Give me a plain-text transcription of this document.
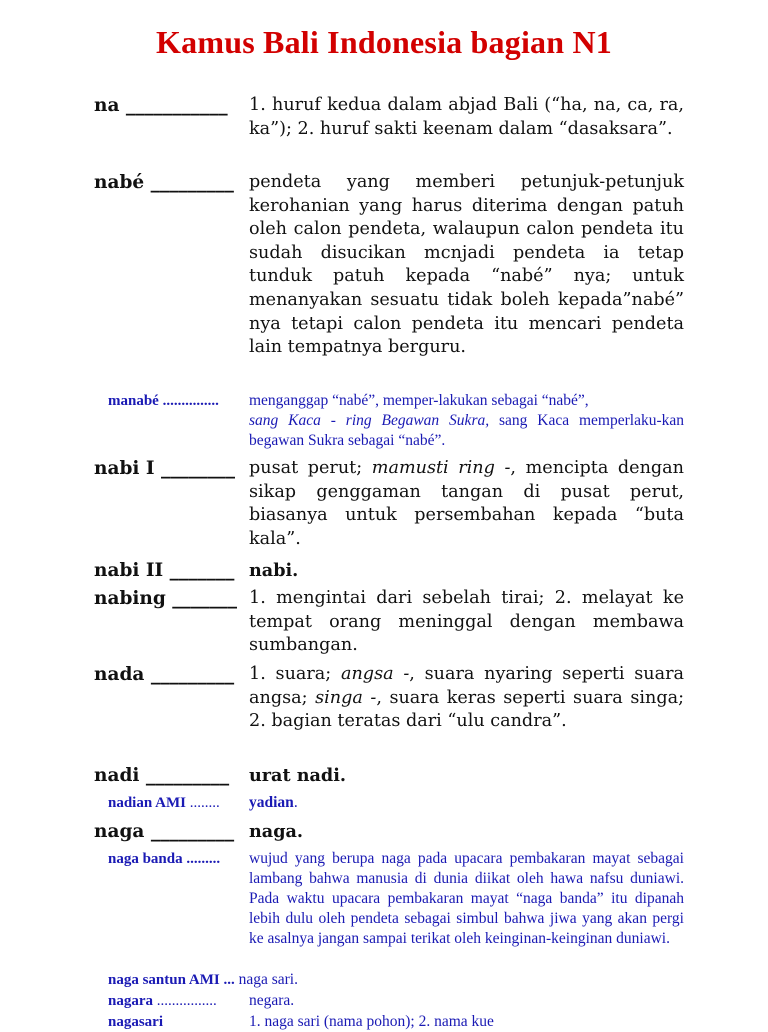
Kamus Bali Indonesia bagian N1
na ___________	1. huruf kedua dalam abjad Bali (“ha, na, ca, ra, ka”); 2. huruf sakti keenam dalam “dasaksara”.
nabé _________ pendeta yang memberi petunjuk-petunjuk kerohanian yang harus diterima dengan patuh oleh calon pendeta, walaupun calon pendeta itu sudah disucikan mcnjadi pendeta ia tetap tunduk patuh kepada “nabé” nya; untuk menanyakan sesuatu tidak boleh kepada”nabé” nya tetapi calon pendeta itu mencari pendeta lain tempatnya berguru.
manabé ...............	menganggap “nabé”, memper-lakukan sebagai “nabé”,
sang Kaca - ring Begawan Sukra, sang Kaca memperlaku-kan begawan Sukra sebagai “nabé”.
nabi I ________ pusat perut; mamusti ring -, mencipta dengan sikap genggaman tangan di pusat perut, biasanya untuk persembahan kepada “buta kala”.
nabi II _______ nabi.
nabing _______ 1. mengintai dari sebelah tirai; 2. melayat ke tempat orang meninggal dengan membawa sumbangan.
nada _________ 1. suara; angsa -, suara nyaring seperti suara angsa; singa -, suara keras seperti suara singa; 2. bagian teratas dari “ulu candra”.
nadi _________	urat nadi.
nadian AMI ........	yadian.
naga _________ naga.
naga banda .........	wujud yang berupa naga pada upacara pembakaran mayat sebagai lambang bahwa manusia di dunia diikat oleh hawa nafsu duniawi. Pada waktu upacara pembakaran mayat “naga banda” itu dipanah lebih dulu oleh pendeta sebagai simbul bahwa jiwa yang akan pergi ke asalnya jangan sampai terikat oleh keinginan-keinginan duniawi.
naga santun AMI ... naga sari.
nagara ................	negara.
nagasari	1. naga sari (nama pohon); 2. nama kue
